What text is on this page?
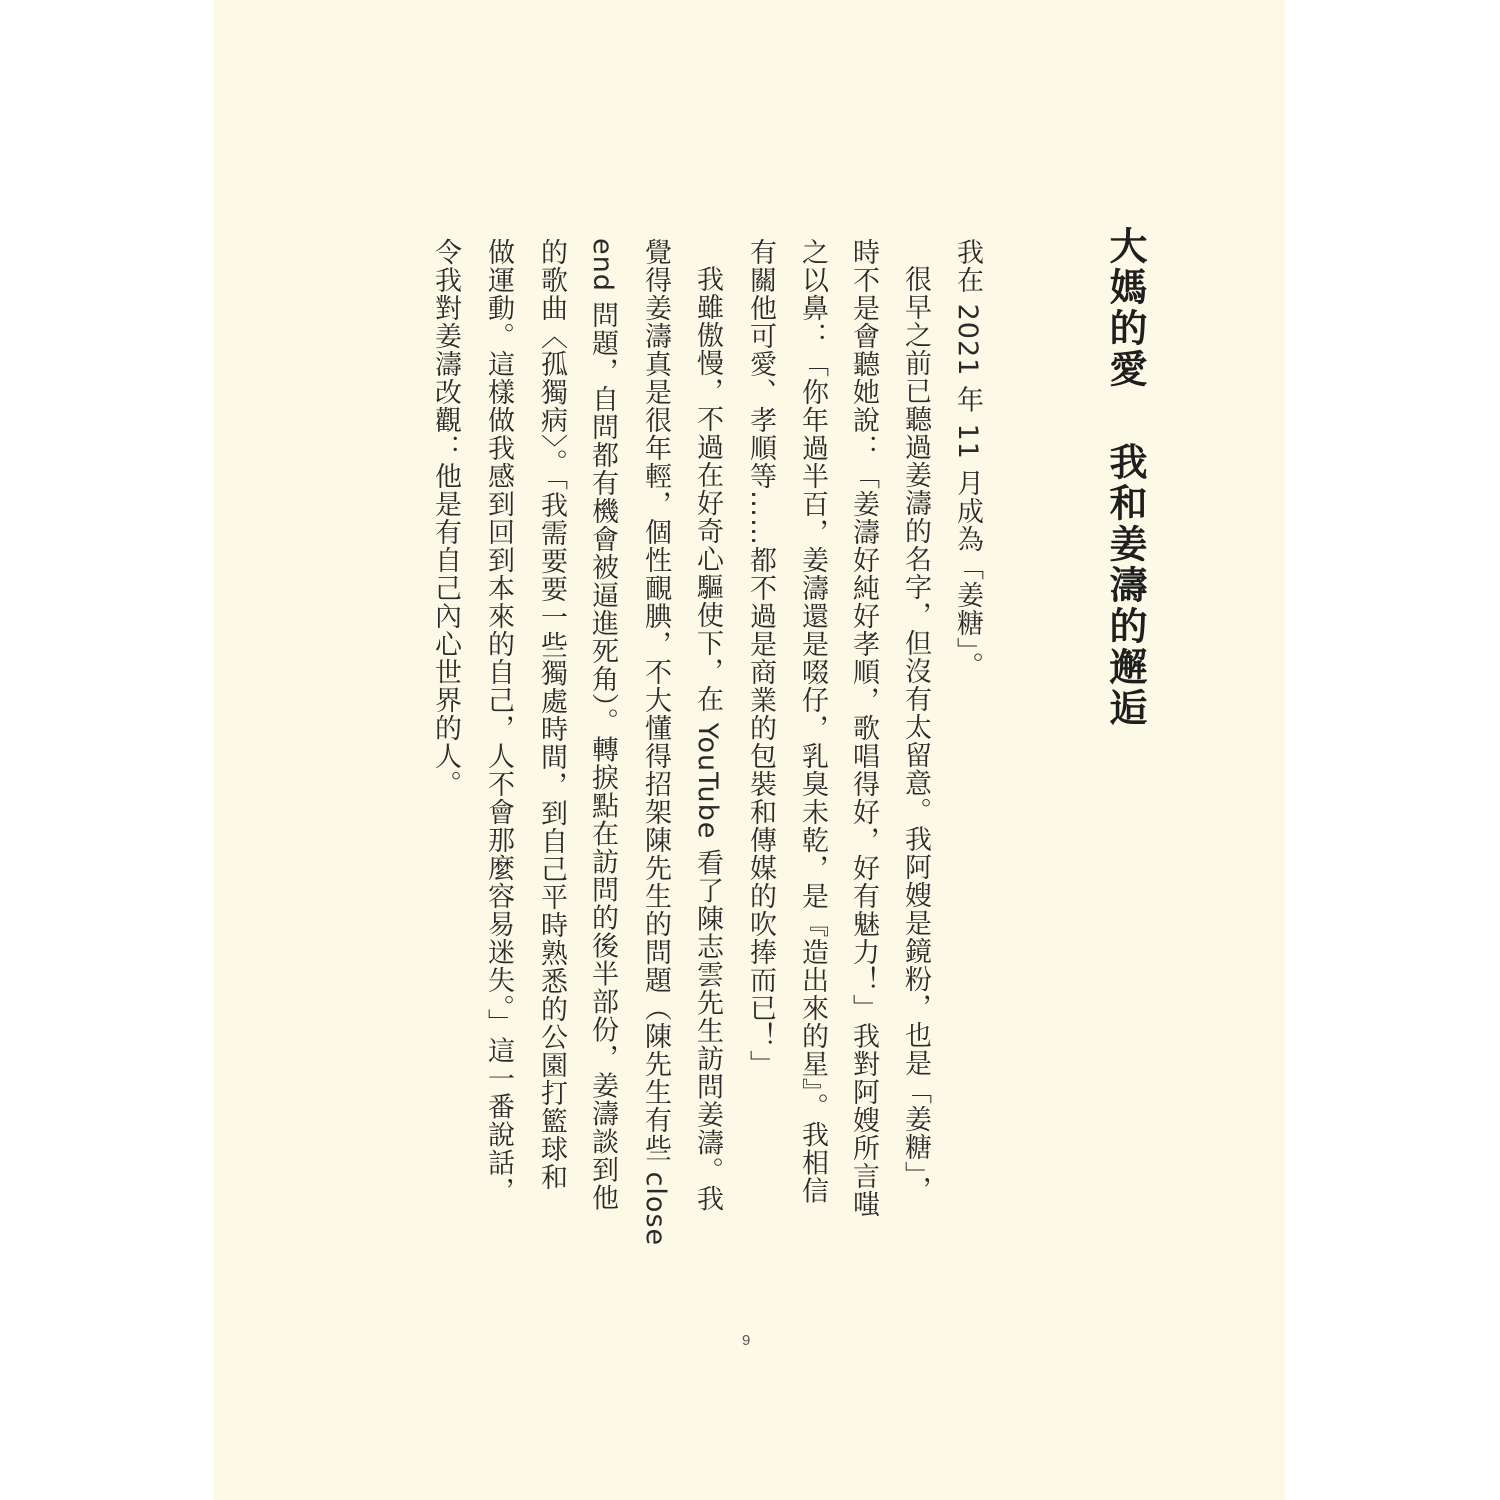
大媽的愛我和姜濤的邂逅

我在 2021 年 11 月成為「姜糖」。

很早之前已聽過姜濤的名字，但沒有太留意。我阿嫂是鏡粉，也是「姜糖」，

時不是會聽她說：「姜濤好純好孝順，歌唱得好，好有魅力！」我對阿嫂所言嗤

之以鼻：「你年過半百，姜濤還是啜仔，乳臭未乾，是『造出來的星』。我相信

有關他可愛、孝順等……都不過是商業的包裝和傳媒的吹捧而已！」

我雖傲慢，不過在好奇心驅使下，在 YouTube 看了陳志雲先生訪問姜濤。我

覺得姜濤真是很年輕，個性靦腆，不大懂得招架陳先生的問題（陳先生有些 close

end 問題，自問都有機會被逼進死角）。轉捩點在訪問的後半部份，姜濤談到他

的歌曲〈孤獨病〉。「我需要要一些獨處時間，到自己平時熟悉的公園打籃球和

做運動。這樣做我感到回到本來的自己，人不會那麼容易迷失。」這一番說話，

令我對姜濤改觀：他是有自己內心世界的人。

9
